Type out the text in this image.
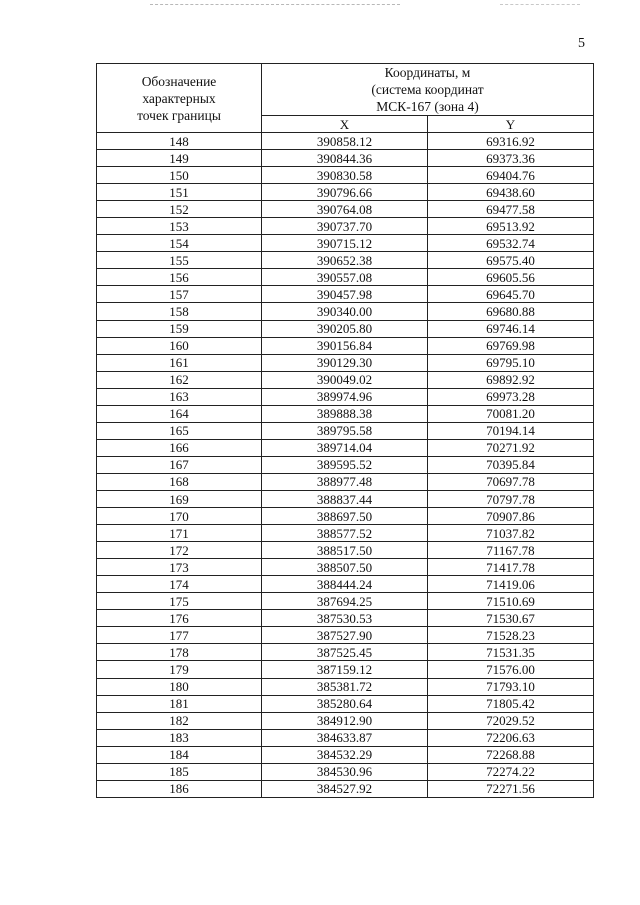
5
Обозначение
характерных
точек границы	Координаты, м
(система координат
МСК-167 (зона 4)	

	X	Y
148	390858.12	69316.92
149	390844.36	69373.36
150	390830.58	69404.76
151	390796.66	69438.60
152	390764.08	69477.58
153	390737.70	69513.92
154	390715.12	69532.74
155	390652.38	69575.40
156	390557.08	69605.56
157	390457.98	69645.70
158	390340.00	69680.88
159	390205.80	69746.14
160	390156.84	69769.98
161	390129.30	69795.10
162	390049.02	69892.92
163	389974.96	69973.28
164	389888.38	70081.20
165	389795.58	70194.14
166	389714.04	70271.92
167	389595.52	70395.84
168	388977.48	70697.78
169	388837.44	70797.78
170	388697.50	70907.86
171	388577.52	71037.82
172	388517.50	71167.78
173	388507.50	71417.78
174	388444.24	71419.06
175	387694.25	71510.69
176	387530.53	71530.67
177	387527.90	71528.23
178	387525.45	71531.35
179	387159.12	71576.00
180	385381.72	71793.10
181	385280.64	71805.42
182	384912.90	72029.52
183	384633.87	72206.63
184	384532.29	72268.88
185	384530.96	72274.22
186	384527.92	72271.56
